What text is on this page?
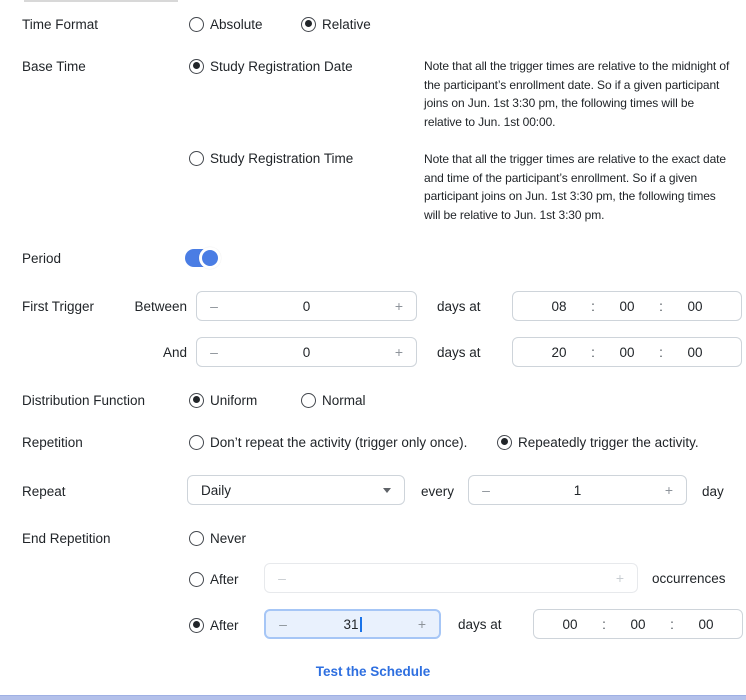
Time Format	Absolute	Relative
Base Time	Study Registration Date	Note that all the trigger times are relative to the midnight of the participant’s enrollment date. So if a given participant joins on Jun. 1st 3:30 pm, the following times will be relative to Jun. 1st 00:00.
Study Registration Time	Note that all the trigger times are relative to the exact date and time of the participant’s enrollment. So if a given participant joins on Jun. 1st 3:30 pm, the following times will be relative to Jun. 1st 3:30 pm.
Period
First Trigger	Between	–	0	+	days at	08	:	00	:	00
And	–	0	+	days at	20	:	00	:	00
Distribution Function	Uniform	Normal
Repetition	Don’t repeat the activity (trigger only once).	Repeatedly trigger the activity.
Repeat	Daily	every	–	1	+	day
End Repetition	Never
After	–	+	occurrences
After	–	31	+	days at	00	:	00	:	00
Test the Schedule
